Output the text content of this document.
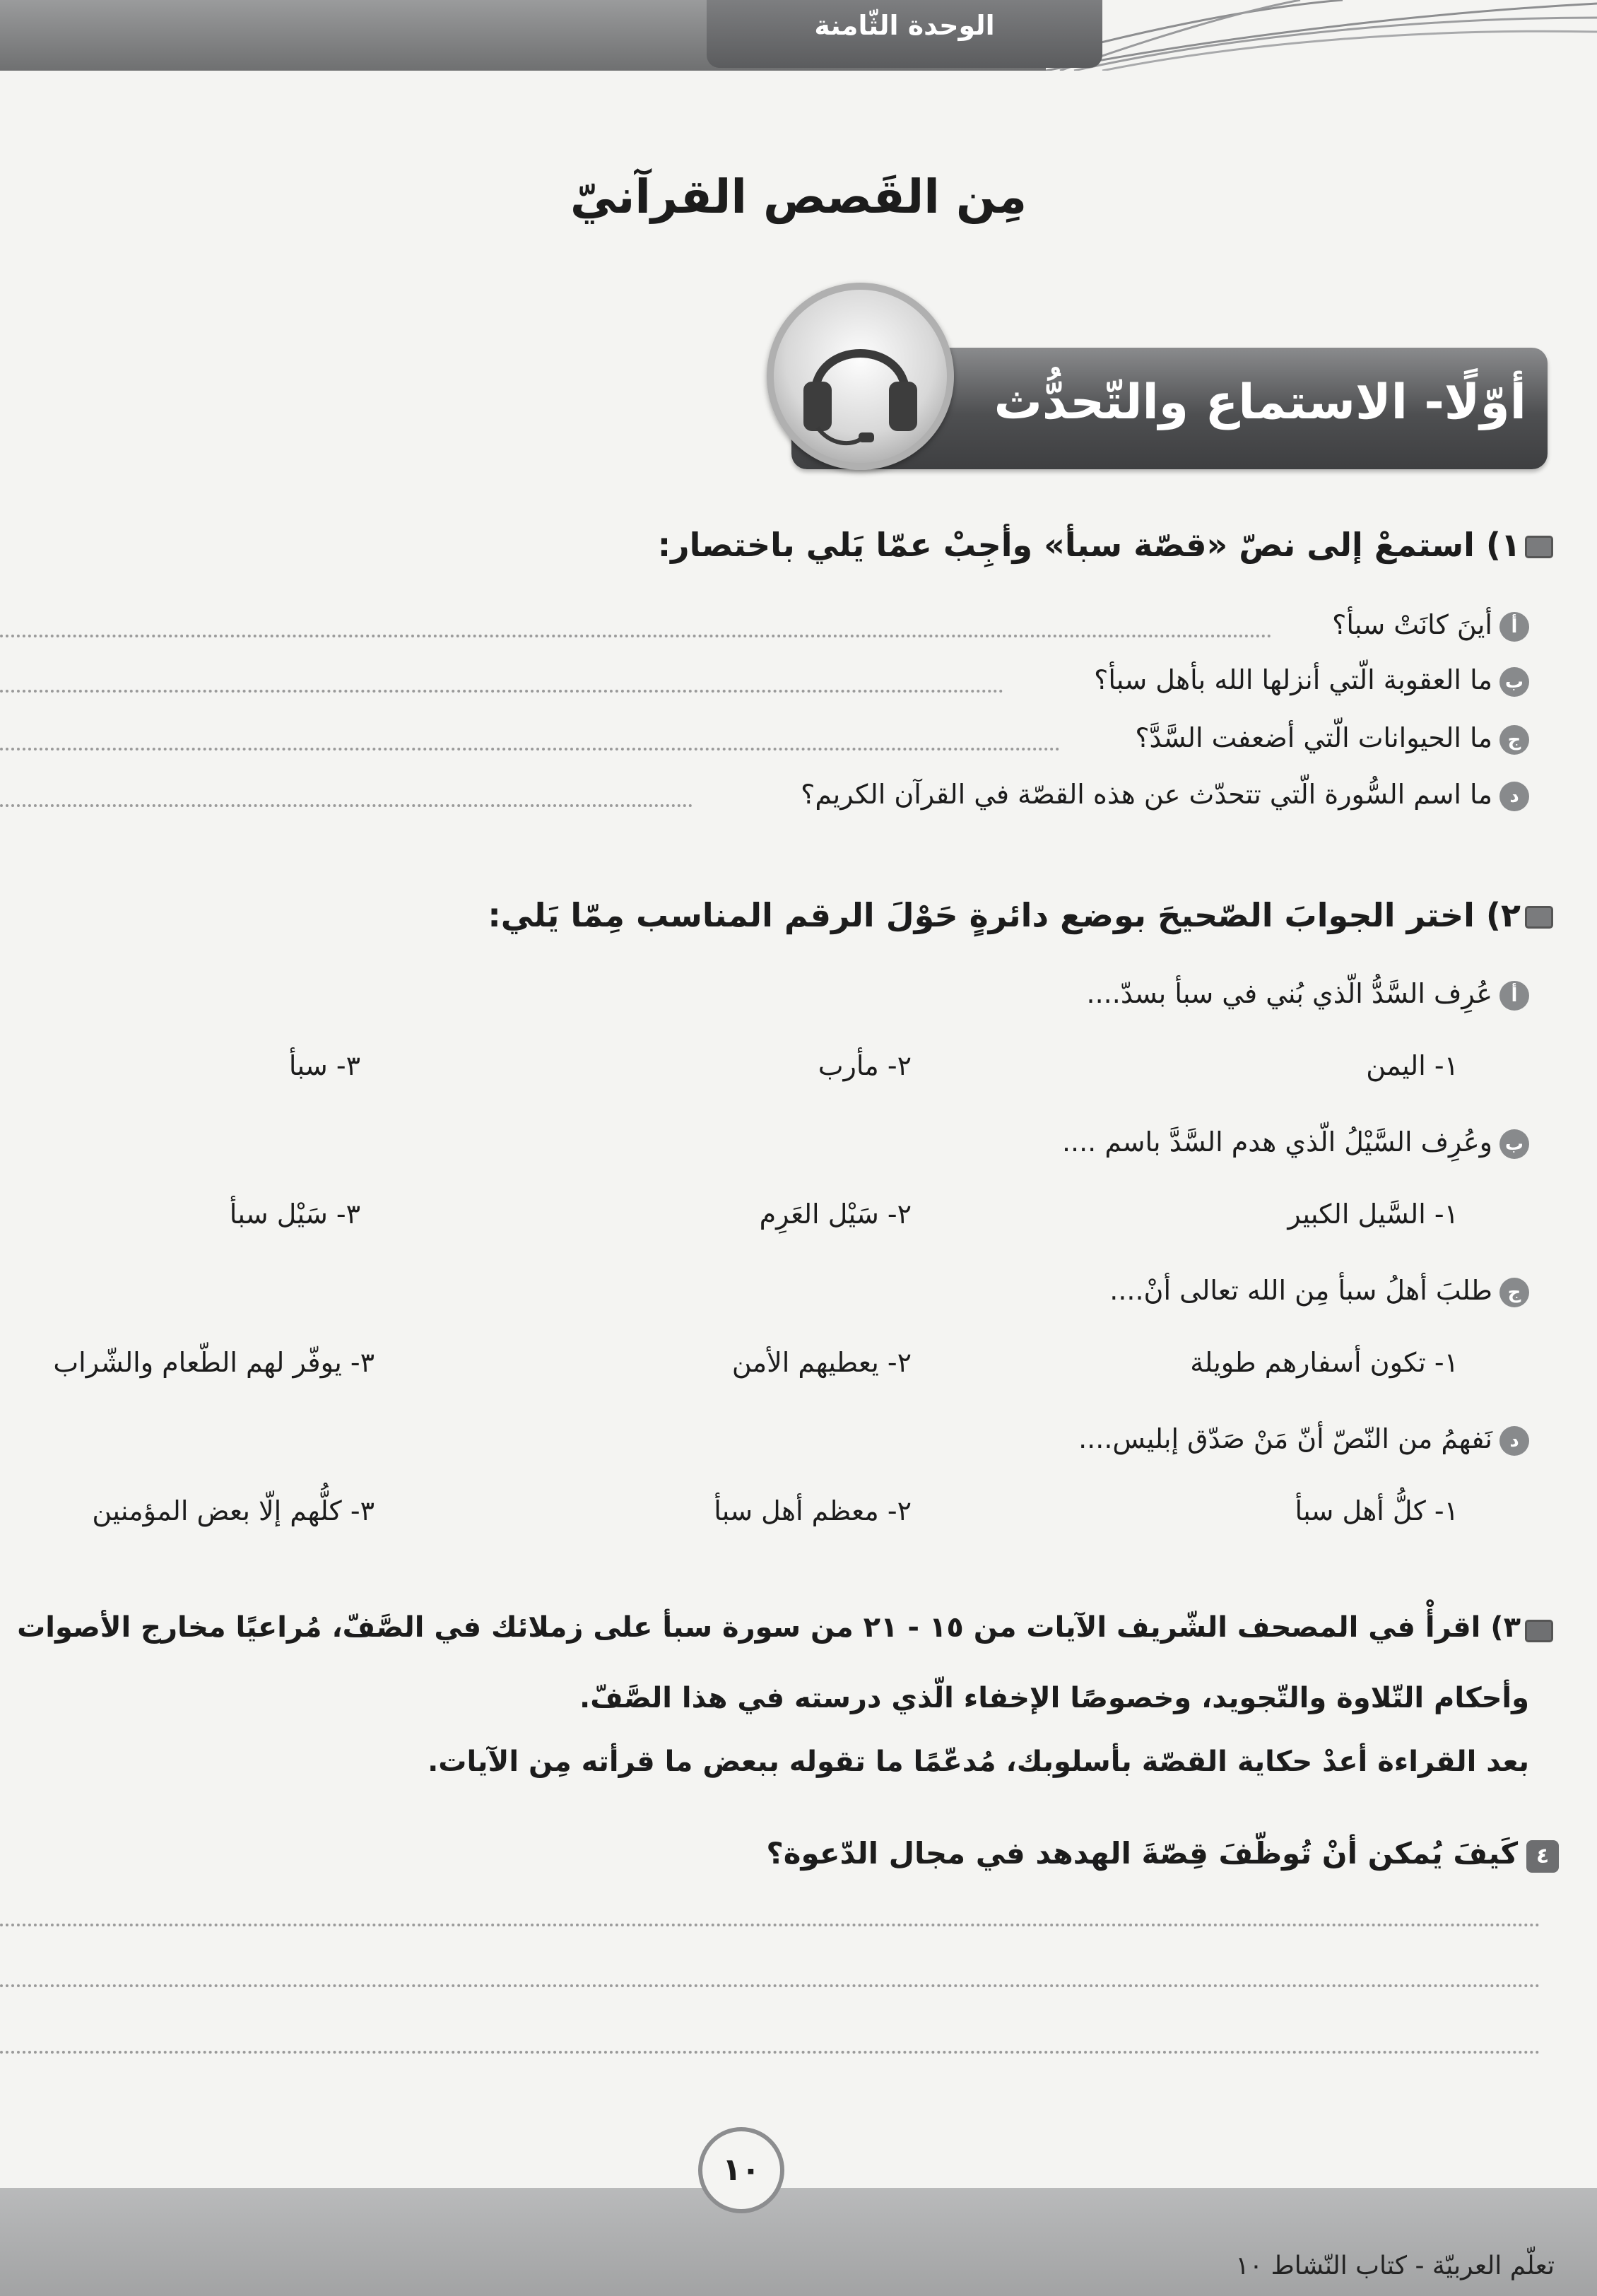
الوحدة الثّامنة
مِن القَصص القرآنيّ
أوّلًا- الاستماع والتّحدُّث
١) استمعْ إلى نصّ «قصّة سبأ» وأجِبْ عمّا يَلي باختصار:
أأينَ كانَتْ سبأ؟
بما العقوبة الّتي أنزلها الله بأهل سبأ؟
جما الحيوانات الّتي أضعفت السَّدَّ؟
دما اسم السُّورة الّتي تتحدّث عن هذه القصّة في القرآن الكريم؟
٢) اختر الجوابَ الصّحيحَ بوضع دائرةٍ حَوْلَ الرقم المناسب مِمّا يَلي:
أعُرِف السَّدُّ الّذي بُني في سبأ بسدّ....
١- اليمن
٢- مأرب
٣- سبأ
بوعُرِف السَّيْلُ الّذي هدم السَّدَّ باسم ....
١- السَّيل الكبير
٢- سَيْل العَرِم
٣- سَيْل سبأ
جطلبَ أهلُ سبأ مِن الله تعالى أنْ....
١- تكون أسفارهم طويلة
٢- يعطيهم الأمن
٣- يوفّر لهم الطّعام والشّراب
دنَفهمُ من النّصّ أنّ مَنْ صَدّق إبليس....
١- كلُّ أهل سبأ
٢- معظم أهل سبأ
٣- كلُّهم إلّا بعض المؤمنين
٣) اقرأْ في المصحف الشّريف الآيات من ١٥ - ٢١ من سورة سبأ على زملائك في الصَّفّ، مُراعيًا مخارج الأصوات
وأحكام التّلاوة والتّجويد، وخصوصًا الإخفاء الّذي درسته في هذا الصَّفّ.
بعد القراءة أعدْ حكاية القصّة بأسلوبك، مُدعّمًا ما تقوله ببعض ما قرأته مِن الآيات.
٤
كَيفَ يُمكن أنْ تُوظّفَ قِصّةَ الهدهد في مجال الدّعوة؟
١٠
تعلّم العربيّة - كتاب النّشاط ١٠
